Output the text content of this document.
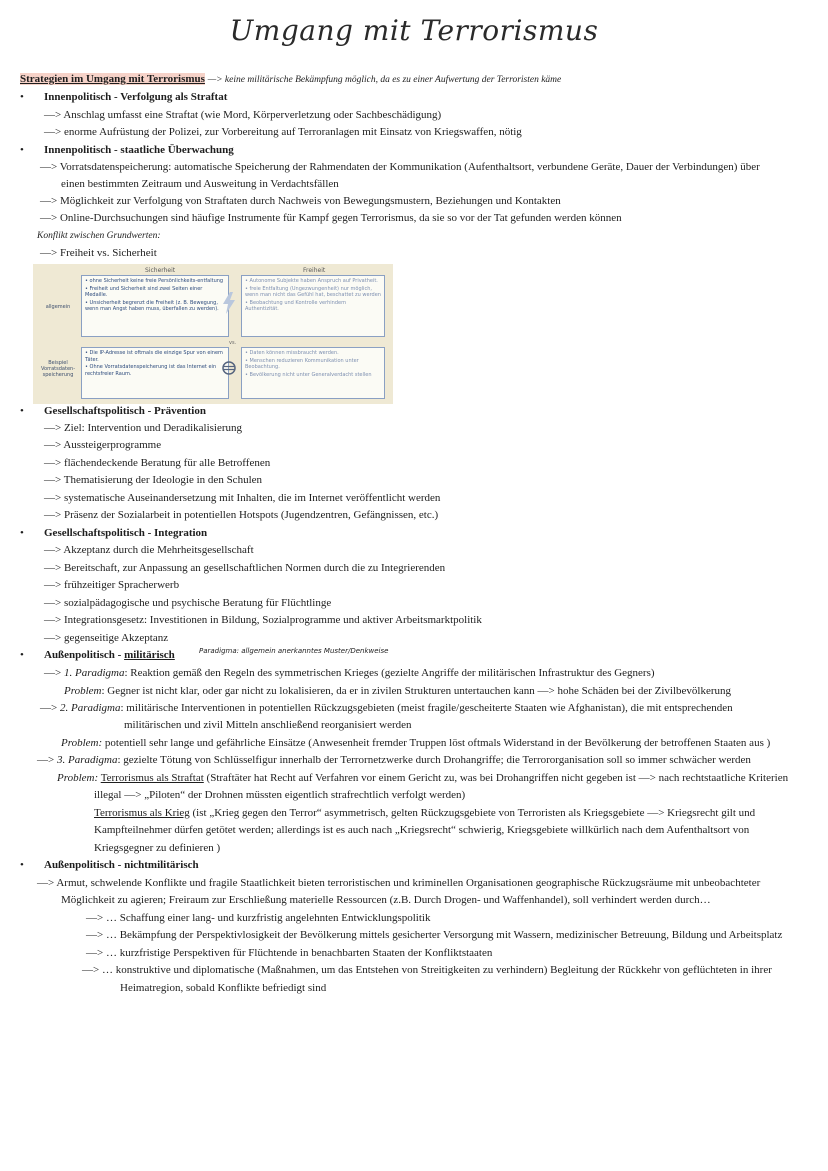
Umgang mit Terrorismus
Strategien im Umgang mit Terrorismus —> keine militärische Bekämpfung möglich, da es zu einer Aufwertung der Terroristen käme
• Innenpolitisch - Verfolgung als Straftat
—> Anschlag umfasst eine Straftat (wie Mord, Körperverletzung oder Sachbeschädigung)
—> enorme Aufrüstung der Polizei, zur Vorbereitung auf Terroranlagen mit Einsatz von Kriegswaffen, nötig
• Innenpolitisch - staatliche Überwachung
—> Vorratsdatenspeicherung: automatische Speicherung der Rahmendaten der Kommunikation (Aufenthaltsort, verbundene Geräte, Dauer der Verbindungen) über
einen bestimmten Zeitraum und Ausweitung in Verdachtsfällen
—> Möglichkeit zur Verfolgung von Straftaten durch Nachweis von Bewegungsmustern, Beziehungen und Kontakten
—> Online-Durchsuchungen sind häufige Instrumente für Kampf gegen Terrorismus, da sie so vor der Tat gefunden werden können
Konflikt zwischen Grundwerten:
—> Freiheit vs. Sicherheit
Sicherheit	Freiheit
allgemein
Beispiel Vorratsdaten-speicherung
• ohne Sicherheit keine freie Persönlichkeits-entfaltung
• Freiheit und Sicherheit sind zwei Seiten einer Medaille.
• Unsicherheit begrenzt die Freiheit (z. B. Bewegung, wenn man Angst haben muss, überfallen zu werden).
• Autonome Subjekte haben Anspruch auf Privatheit.
• freie Entfaltung (Ungezwungenheit) nur möglich, wenn man nicht das Gefühl hat, beschattet zu werden
• Beobachtung und Kontrolle verhindern Authentizität.
• Die IP-Adresse ist oftmals die einzige Spur von einem Täter.
• Ohne Vorratsdatenspeicherung ist das Internet ein rechtsfreier Raum.
• Daten können missbraucht werden.
• Menschen reduzieren Kommunikation unter Beobachtung.
• Bevölkerung nicht unter Generalverdacht stellen
vs.
• Gesellschaftspolitisch - Prävention
—> Ziel: Intervention und Deradikalisierung
—> Aussteigerprogramme
—> flächendeckende Beratung für alle Betroffenen
—> Thematisierung der Ideologie in den Schulen
—> systematische Auseinandersetzung mit Inhalten, die im Internet veröffentlicht werden
—> Präsenz der Sozialarbeit in potentiellen Hotspots (Jugendzentren, Gefängnissen, etc.)
• Gesellschaftspolitisch - Integration
—> Akzeptanz durch die Mehrheitsgesellschaft
—> Bereitschaft, zur Anpassung an gesellschaftlichen Normen durch die zu Integrierenden
—> frühzeitiger Spracherwerb
—> sozialpädagogische und psychische Beratung für Flüchtlinge
—> Integrationsgesetz: Investitionen in Bildung, Sozialprogramme und aktiver Arbeitsmarktpolitik
—> gegenseitige Akzeptanz
• Außenpolitisch - militärisch	Paradigma: allgemein anerkanntes Muster/Denkweise
—> 1. Paradigma: Reaktion gemäß den Regeln des symmetrischen Krieges (gezielte Angriffe der militärischen Infrastruktur des Gegners)
Problem: Gegner ist nicht klar, oder gar nicht zu lokalisieren, da er in zivilen Strukturen untertauchen kann —> hohe Schäden bei der Zivilbevölkerung
—> 2. Paradigma: militärische Interventionen in potentiellen Rückzugsgebieten (meist fragile/gescheiterte Staaten wie Afghanistan), die mit entsprechenden
militärischen und zivil Mitteln anschließend reorganisiert werden
Problem: potentiell sehr lange und gefährliche Einsätze (Anwesenheit fremder Truppen löst oftmals Widerstand in der Bevölkerung der betroffenen Staaten aus )
—> 3. Paradigma: gezielte Tötung von Schlüsselfigur innerhalb der Terrornetzwerke durch Drohangriffe; die Terrororganisation soll so immer schwächer werden
Problem: Terrorismus als Straftat (Straftäter hat Recht auf Verfahren vor einem Gericht zu, was bei Drohangriffen nicht gegeben ist —> nach rechtstaatliche Kriterien
illegal —> „Piloten“ der Drohnen müssten eigentlich strafrechtlich verfolgt werden)
Terrorismus als Krieg (ist „Krieg gegen den Terror“ asymmetrisch, gelten Rückzugsgebiete von Terroristen als Kriegsgebiete —> Kriegsrecht gilt und
Kampfteilnehmer dürfen getötet werden; allerdings ist es auch nach „Kriegsrecht“ schwierig, Kriegsgebiete willkürlich nach dem Aufenthaltsort von
Kriegsgegner zu definieren )
• Außenpolitisch - nichtmilitärisch
—> Armut, schwelende Konflikte und fragile Staatlichkeit bieten terroristischen und kriminellen Organisationen geographische Rückzugsräume mit unbeobachteter
Möglichkeit zu agieren; Freiraum zur Erschließung materielle Ressourcen (z.B. Durch Drogen- und Waffenhandel), soll verhindert werden durch…
—> … Schaffung einer lang- und kurzfristig angelehnten Entwicklungspolitik
—> … Bekämpfung der Perspektivlosigkeit der Bevölkerung mittels gesicherter Versorgung mit Wassern, medizinischer Betreuung, Bildung und Arbeitsplatz
—> … kurzfristige Perspektiven für Flüchtende in benachbarten Staaten der Konfliktstaaten
—> … konstruktive und diplomatische (Maßnahmen, um das Entstehen von Streitigkeiten zu verhindern) Begleitung der Rückkehr von geflüchteten in ihrer
Heimatregion, sobald Konflikte befriedigt sind
